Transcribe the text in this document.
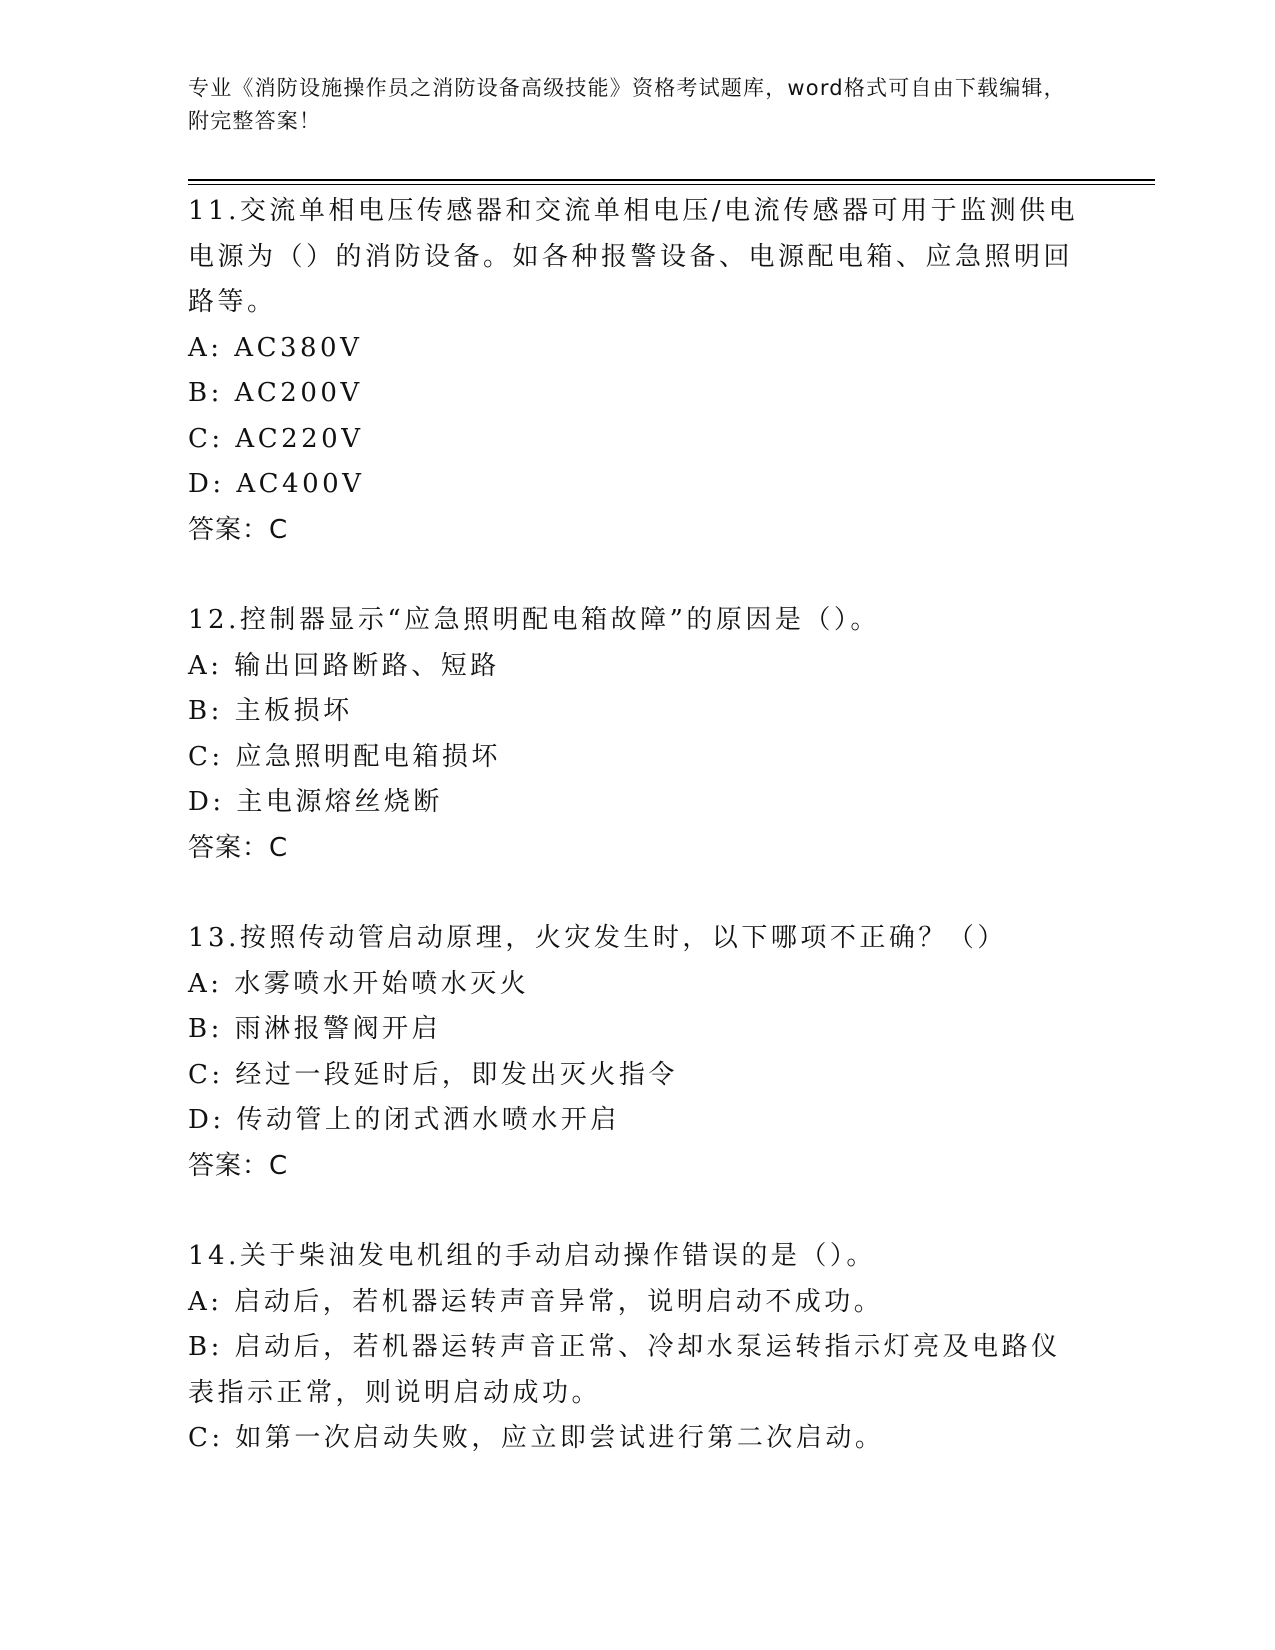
专业《消防设施操作员之消防设备高级技能》资格考试题库，word格式可自由下载编辑，附完整答案！
11.交流单相电压传感器和交流单相电压/电流传感器可用于监测供电电源为（）的消防设备。如各种报警设备、电源配电箱、应急照明回路等。
A: AC380V
B: AC200V
C: AC220V
D: AC400V
答案：C
12.控制器显示“应急照明配电箱故障”的原因是（）。
A: 输出回路断路、短路
B: 主板损坏
C: 应急照明配电箱损坏
D: 主电源熔丝烧断
答案：C
13.按照传动管启动原理，火灾发生时，以下哪项不正确？（）
A: 水雾喷水开始喷水灭火
B: 雨淋报警阀开启
C: 经过一段延时后，即发出灭火指令
D: 传动管上的闭式洒水喷水开启
答案：C
14.关于柴油发电机组的手动启动操作错误的是（）。
A: 启动后，若机器运转声音异常，说明启动不成功。
B: 启动后，若机器运转声音正常、冷却水泵运转指示灯亮及电路仪表指示正常，则说明启动成功。
C: 如第一次启动失败，应立即尝试进行第二次启动。
